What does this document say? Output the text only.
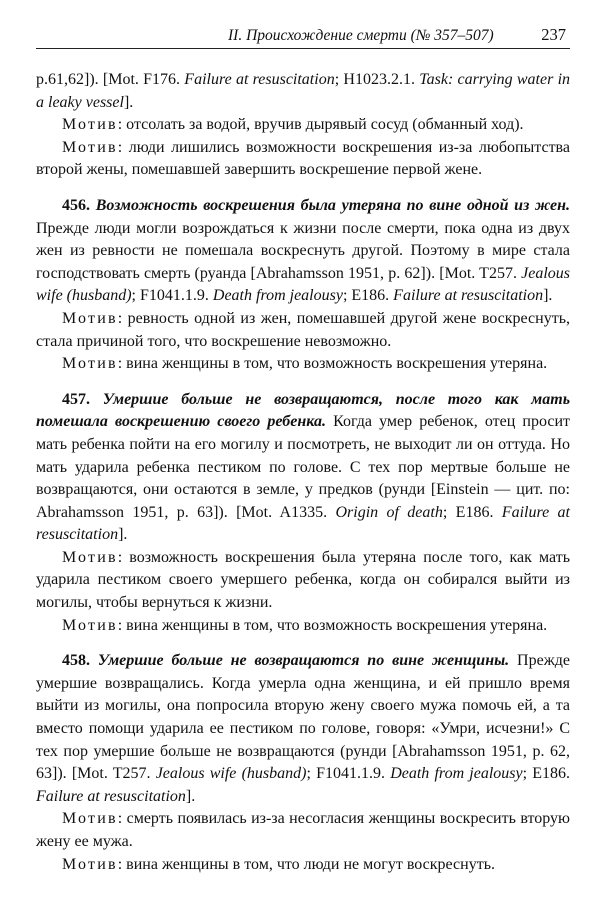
II. Происхождение смерти (№ 357–507)	237

p.61,62]). [Mot. F176. Failure at resuscitation; H1023.2.1. Task: carrying water in a leaky vessel].

Мотив: отсолать за водой, вручив дырявый сосуд (обманный ход).

Мотив: люди лишились возможности воскрешения из-за любопытства второй жены, помешавшей завершить воскрешение первой жене.

456. Возможность воскрешения была утеряна по вине одной из жен. Прежде люди могли возрождаться к жизни после смерти, пока одна из двух жен из ревности не помешала воскреснуть другой. Поэтому в мире стала господствовать смерть (руанда [Abrahamsson 1951, p. 62]). [Mot. T257. Jealous wife (husband); F1041.1.9. Death from jealousy; E186. Failure at resuscitation].

Мотив: ревность одной из жен, помешавшей другой жене воскреснуть, стала причиной того, что воскрешение невозможно.

Мотив: вина женщины в том, что возможность воскрешения утеряна.

457. Умершие больше не возвращаются, после того как мать помешала воскрешению своего ребенка. Когда умер ребенок, отец просит мать ребенка пойти на его могилу и посмотреть, не выходит ли он оттуда. Но мать ударила ребенка пестиком по голове. С тех пор мертвые больше не возвращаются, они остаются в земле, у предков (рунди [Einstein — цит. по: Abrahamsson 1951, p. 63]). [Mot. A1335. Origin of death; E186. Failure at resuscitation].

Мотив: возможность воскрешения была утеряна после того, как мать ударила пестиком своего умершего ребенка, когда он собирался выйти из могилы, чтобы вернуться к жизни.

Мотив: вина женщины в том, что возможность воскрешения утеряна.

458. Умершие больше не возвращаются по вине женщины. Прежде умершие возвращались. Когда умерла одна женщина, и ей пришло время выйти из могилы, она попросила вторую жену своего мужа помочь ей, а та вместо помощи ударила ее пестиком по голове, говоря: «Умри, исчезни!» С тех пор умершие больше не возвращаются (рунди [Abrahamsson 1951, p. 62, 63]). [Mot. T257. Jealous wife (husband); F1041.1.9. Death from jealousy; E186. Failure at resuscitation].

Мотив: смерть появилась из-за несогласия женщины воскресить вторую жену ее мужа.

Мотив: вина женщины в том, что люди не могут воскреснуть.
